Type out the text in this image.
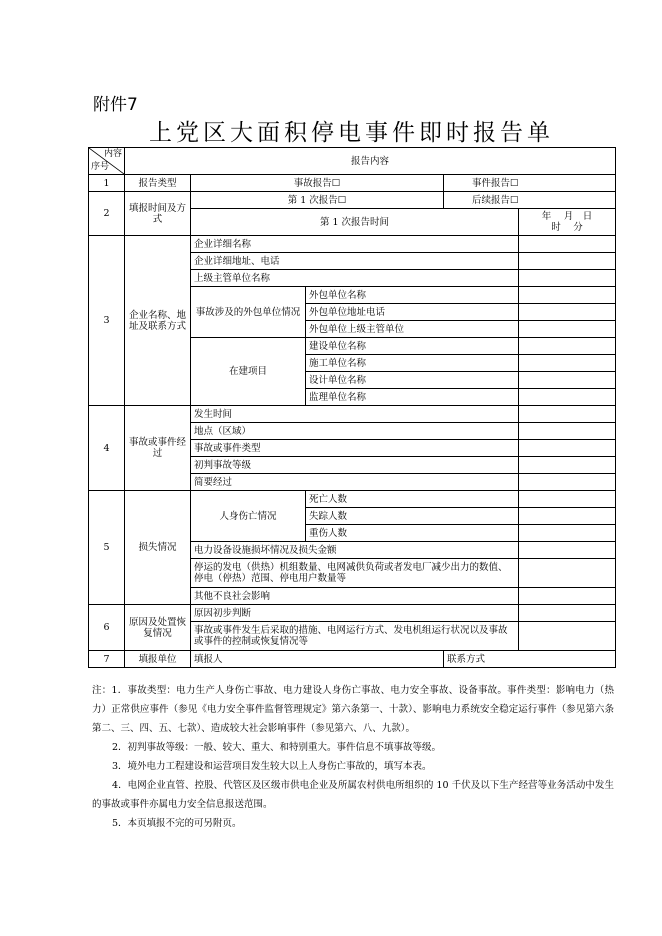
附件7
上党区大面积停电事件即时报告单
内容
序号	报告内容				
1	报告类型	事故报告☐		事件报告☐	
2	填报时间及方式	第 1 次报告☐		后续报告☐	
		第 1 次报告时间			年　 月　日
时　 分

3	企业名称、地址及联系方式	企业详细名称			
		企业详细地址、电话			
		上级主管单位名称			
		事故涉及的外包单位情况	外包单位名称		
			外包单位地址电话		
			外包单位上级主管单位		
		在建项目	建设单位名称		
			施工单位名称		
			设计单位名称		
			监理单位名称		
4	事故或事件经过	发生时间			
		地点（区域）			
		事故或事件类型			
		初判事故等级			
		简要经过			
5	损失情况	人身伤亡情况	死亡人数		
			失踪人数		
			重伤人数		
		电力设备设施损坏情况及损失金额			
		停运的发电（供热）机组数量、电网减供负荷或者发电厂减少出力的数值、停电（停热）范围、停电用户数量等			
		其他不良社会影响			
6	原因及处置恢复情况	原因初步判断			
		事故或事件发生后采取的措施、电网运行方式、发电机组运行状况以及事故或事件的控制或恢复情况等			
7	填报单位	填报人		联系方式	

注：1．事故类型：电力生产人身伤亡事故、电力建设人身伤亡事故、电力安全事故、设备事故。事件类型：影响电力（热力）正常供应事件（参见《电力安全事件监督管理规定》第六条第一、十款）、影响电力系统安全稳定运行事件（参见第六条第二、三、四、五、七款）、造成较大社会影响事件（参见第六、八、九款）。

2．初判事故等级：一般、较大、重大、和特别重大。事件信息不填事故等级。

3．境外电力工程建设和运营项目发生较大以上人身伤亡事故的，填写本表。

4．电网企业直管、控股、代管区及区级市供电企业及所属农村供电所组织的 10 千伏及以下生产经营等业务活动中发生的事故或事件亦属电力安全信息报送范围。

5．本页填报不完的可另附页。
